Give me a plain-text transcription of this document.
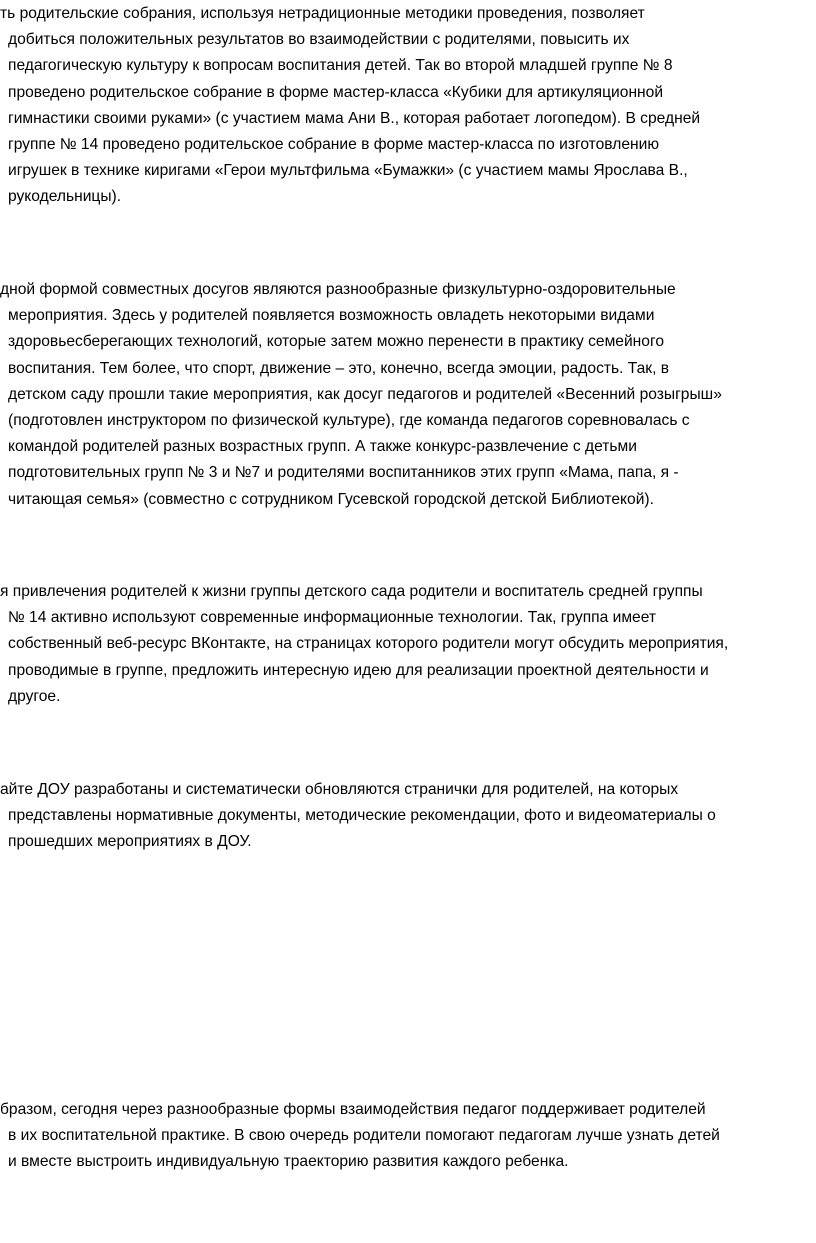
ть родительские собрания, используя нетрадиционные методики проведения, позволяет
добиться положительных результатов во взаимодействии с родителями, повысить их
педагогическую культуру к вопросам воспитания детей. Так во второй младшей группе № 8
проведено родительское собрание в форме мастер-класса «Кубики для артикуляционной
гимнастики своими руками» (с участием мама Ани В., которая работает логопедом). В средней
группе № 14 проведено родительское собрание в форме мастер-класса по изготовлению
игрушек в технике киригами «Герои мультфильма «Бумажки» (с участием мамы Ярослава В.,
рукодельницы).
дной формой совместных досугов являются разнообразные физкультурно-оздоровительные
мероприятия. Здесь у родителей появляется возможность овладеть некоторыми видами
здоровьесберегающих технологий, которые затем можно перенести в практику семейного
воспитания. Тем более, что спорт, движение – это, конечно, всегда эмоции, радость. Так, в
детском саду прошли такие мероприятия, как досуг педагогов и родителей «Весенний розыгрыш»
(подготовлен инструктором по физической культуре), где команда педагогов соревновалась с
командой родителей разных возрастных групп. А также конкурс-развлечение с детьми
подготовительных групп № 3 и №7 и родителями воспитанников этих групп «Мама, папа, я -
читающая семья» (совместно с сотрудником Гусевской городской детской Библиотекой).
я привлечения родителей к жизни группы детского сада родители и воспитатель средней группы
№ 14 активно используют современные информационные технологии. Так, группа имеет
собственный веб-ресурс ВКонтакте, на страницах которого родители могут обсудить мероприятия,
проводимые в группе, предложить интересную идею для реализации проектной деятельности и
другое.
айте ДОУ разработаны и систематически обновляются странички для родителей, на которых
представлены нормативные документы, методические рекомендации, фото и видеоматериалы о
прошедших мероприятиях в ДОУ.
бразом, сегодня через разнообразные формы взаимодействия педагог поддерживает родителей
в их воспитательной практике. В свою очередь родители помогают педагогам лучше узнать детей
и вместе выстроить индивидуальную траекторию развития каждого ребенка.
